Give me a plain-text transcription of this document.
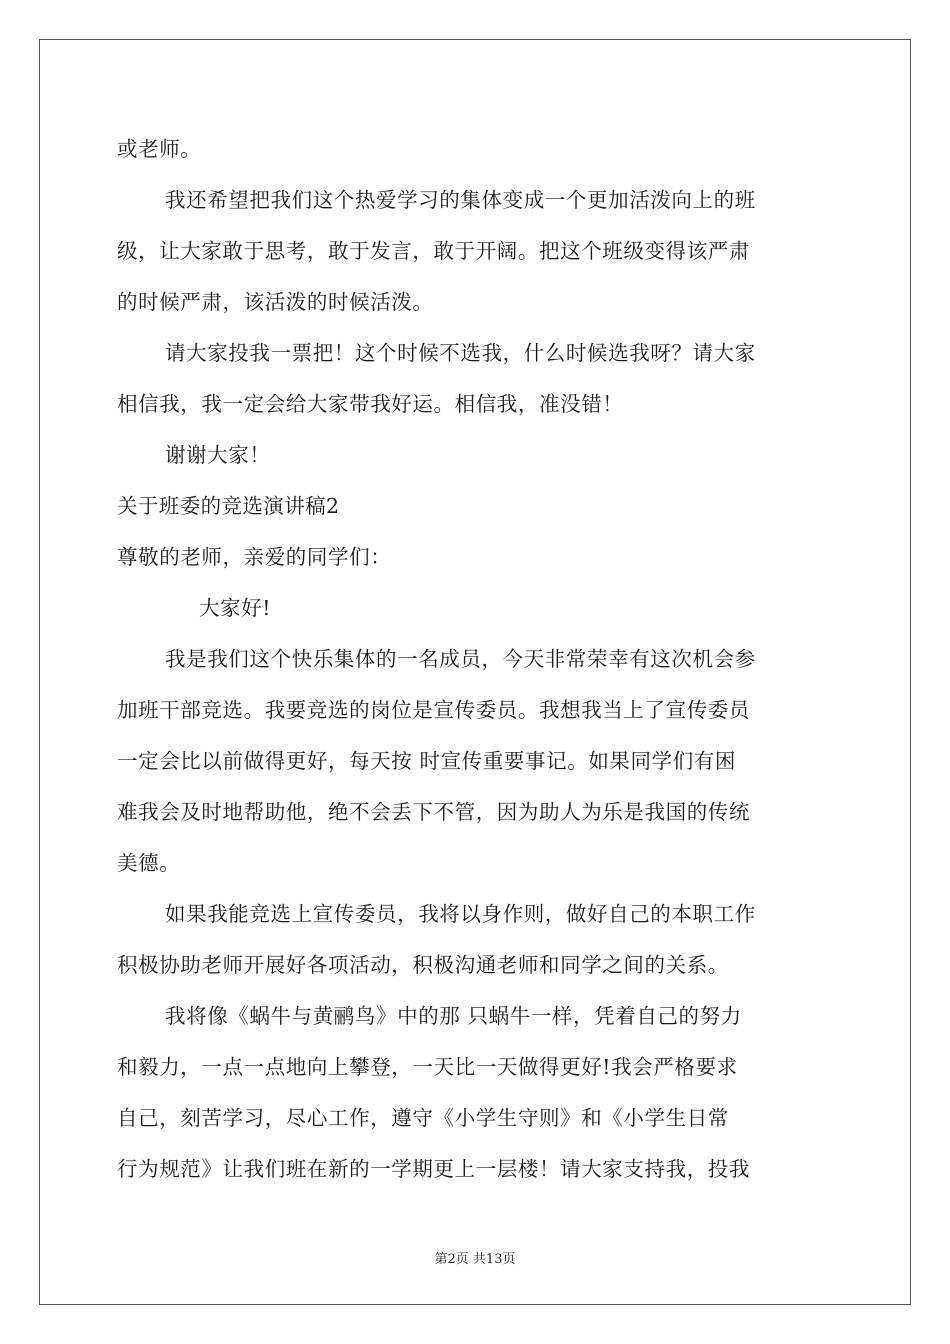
或老师。
我还希望把我们这个热爱学习的集体变成一个更加活泼向上的班
级，让大家敢于思考，敢于发言，敢于开阔。把这个班级变得该严肃
的时候严肃，该活泼的时候活泼。
请大家投我一票把！这个时候不选我，什么时候选我呀？请大家
相信我，我一定会给大家带我好运。相信我，准没错！
谢谢大家！
关于班委的竞选演讲稿2
尊敬的老师，亲爱的同学们：
大家好!
我是我们这个快乐集体的一名成员，今天非常荣幸有这次机会参
加班干部竞选。我要竞选的岗位是宣传委员。我想我当上了宣传委员
一定会比以前做得更好，每天按 时宣传重要事记。如果同学们有困
难我会及时地帮助他，绝不会丢下不管，因为助人为乐是我国的传统
美德。
如果我能竞选上宣传委员，我将以身作则，做好自己的本职工作
积极协助老师开展好各项活动，积极沟通老师和同学之间的关系。
我将像《蜗牛与黄鹂鸟》中的那 只蜗牛一样，凭着自己的努力
和毅力，一点一点地向上攀登，一天比一天做得更好!我会严格要求
自己，刻苦学习，尽心工作，遵守《小学生守则》和《小学生日常
行为规范》让我们班在新的一学期更上一层楼！请大家支持我，投我
第2页 共13页
